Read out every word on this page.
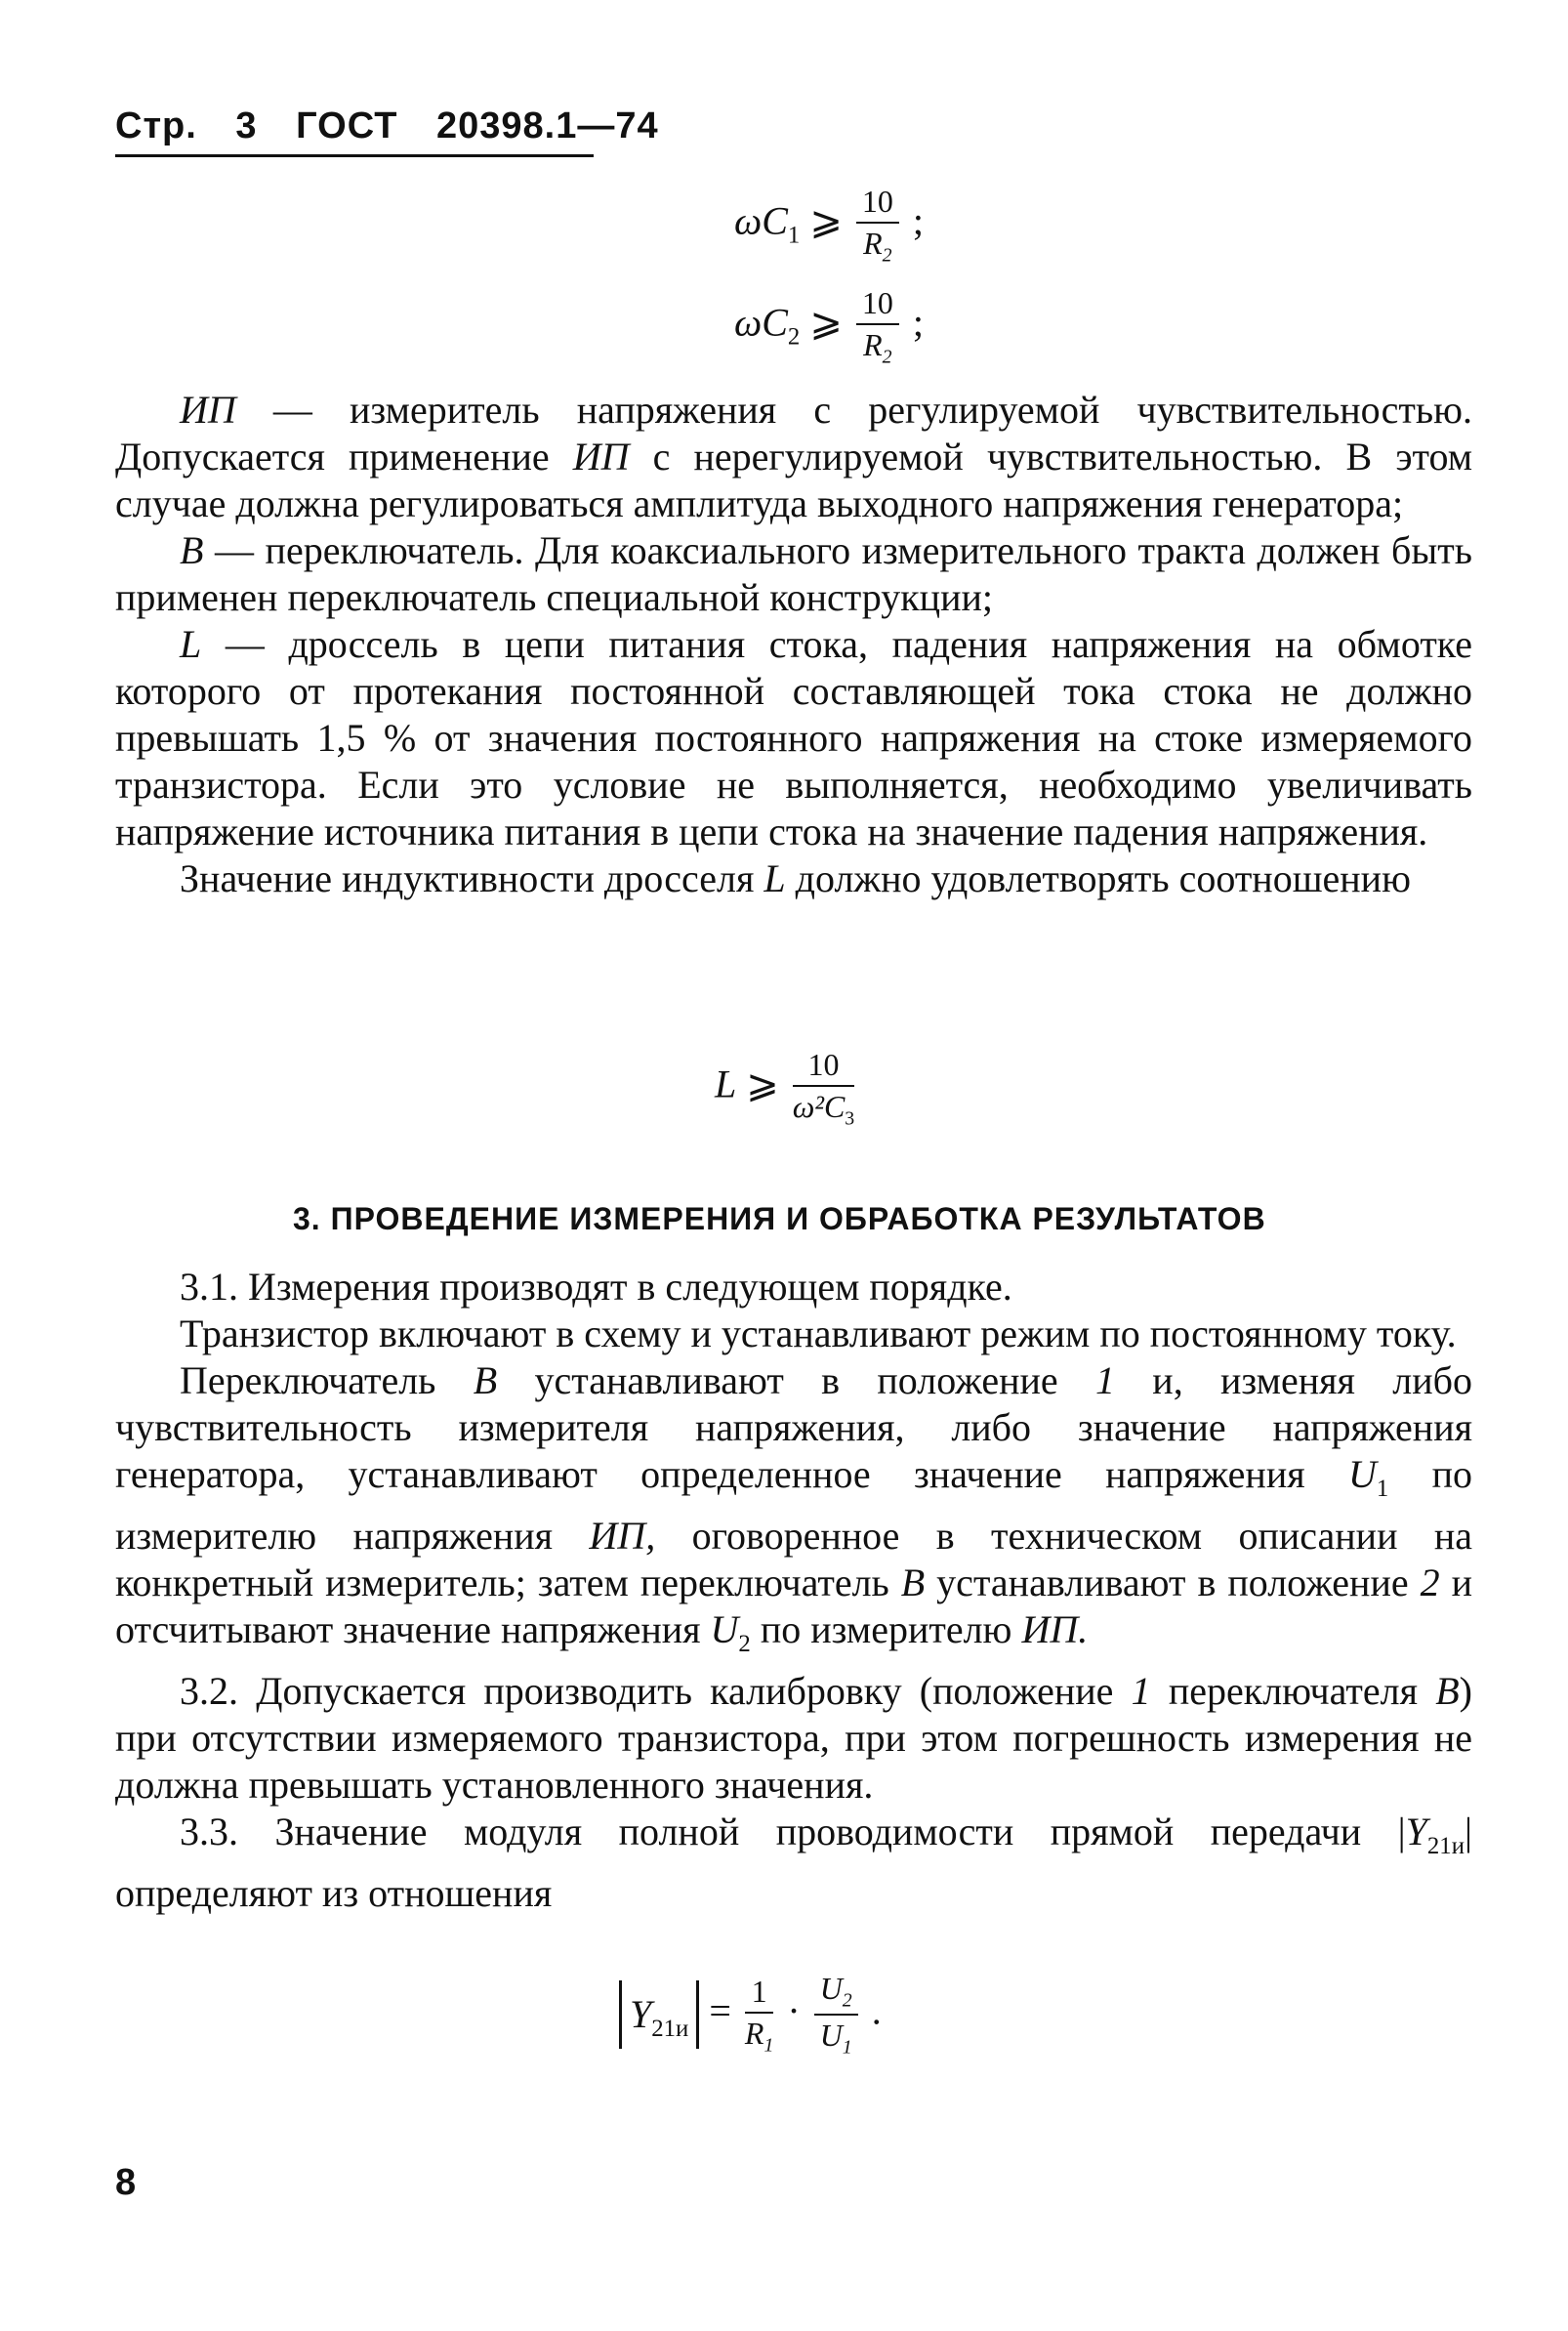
Стр. 3 ГОСТ 20398.1—74
$\omega C_1$ ⩾ $\frac{10}{R_2}$ ;
$\omega C_2$ ⩾ $\frac{10}{R_2}$ ;

ИП — измеритель напряжения с регулируемой чувствительностью. Допускается применение ИП с нерегулируемой чувствительностью. В этом случае должна регулироваться амплитуда выходного напряжения генератора;

В — переключатель. Для коаксиального измерительного тракта должен быть применен переключатель специальной конструкции;

L — дроссель в цепи питания стока, падения напряжения на обмотке которого от протекания постоянной составляющей тока стока не должно превышать 1,5 % от значения постоянного напряжения на стоке измеряемого транзистора. Если это условие не выполняется, необходимо увеличивать напряжение источника питания в цепи стока на значение падения напряжения.

Значение индуктивности дросселя L должно удовлетворять соотношению

L ⩾ $\frac{10}{\omega^2C_3}$
3. ПРОВЕДЕНИЕ ИЗМЕРЕНИЯ И ОБРАБОТКА РЕЗУЛЬТАТОВ

3.1. Измерения производят в следующем порядке.

Транзистор включают в схему и устанавливают режим по постоянному току.

Переключатель В устанавливают в положение 1 и, изменяя либо чувствительность измерителя напряжения, либо значение напряжения генератора, устанавливают определенное значение напряжения $U_1$ по измерителю напряжения ИП, оговоренное в техническом описании на конкретный измеритель; затем переключатель В устанавливают в положение 2 и отсчитывают значение напряжения $U_2$ по измерителю ИП.

3.2. Допускается производить калибровку (положение 1 переключателя В) при отсутствии измеряемого транзистора, при этом погрешность измерения не должна превышать установленного значения.

3.3. Значение модуля полной проводимости прямой передачи $|Y_{21и}|$ определяют из отношения

$Y_{21и} = \frac{1}{R_1} \cdot \frac{U_2}{U_1}$ .
8
